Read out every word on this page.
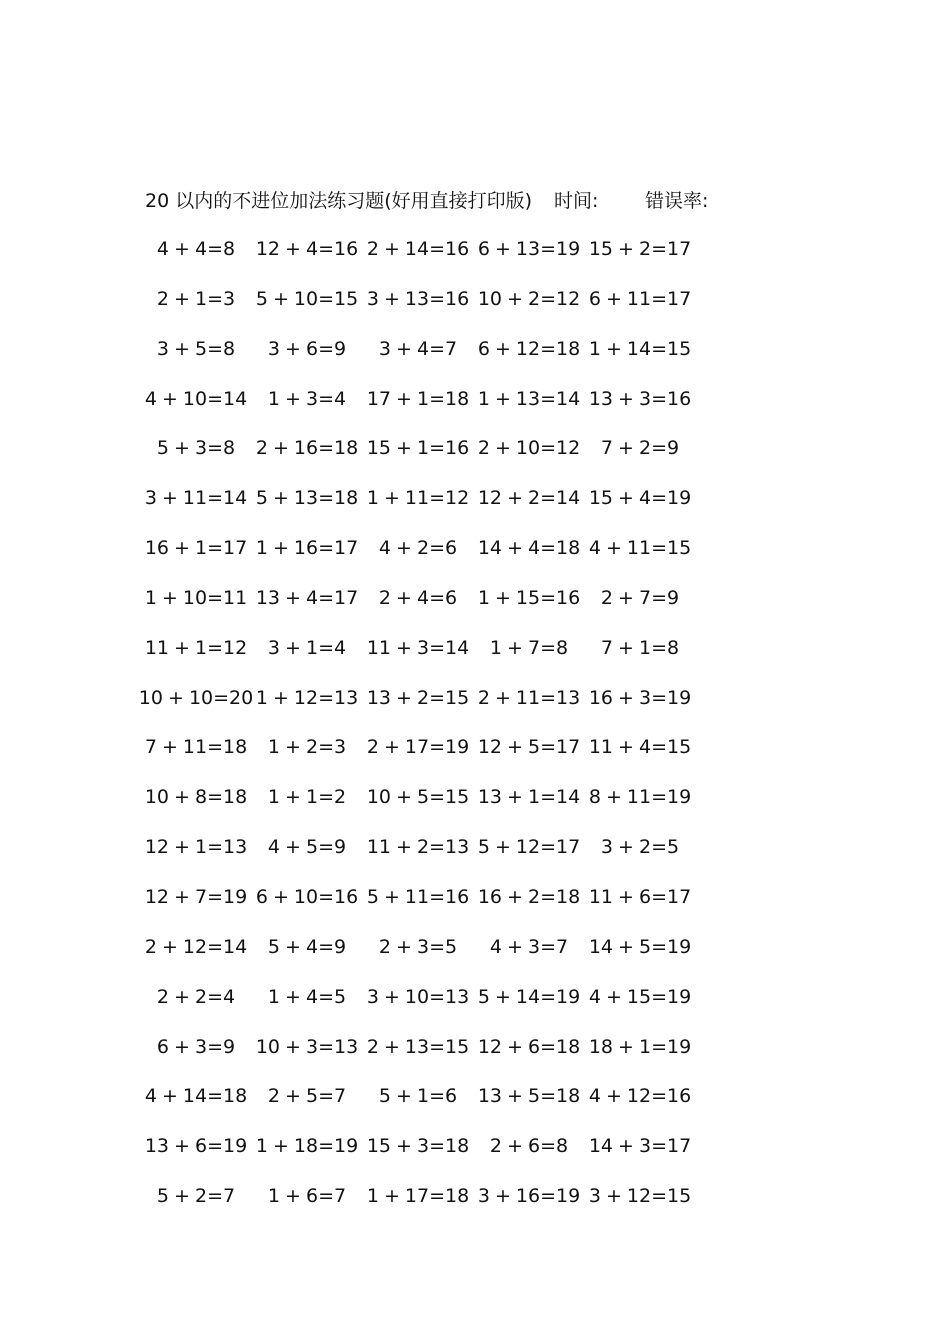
20 以内的不进位加法练习题(好用直接打印版) 时间: 错误率:
4 + 4=8	12 + 4=16 2 + 14=16 6 + 13=19 15 + 2=17
2 + 1=3	5 + 10=15 3 + 13=16 10 + 2=12 6 + 11=17
3 + 5=8	3 + 6=9	3 + 4=7	6 + 12=18 1 + 14=15
4 + 10=14	1 + 3=4	17 + 1=18 1 + 13=14 13 + 3=16
5 + 3=8	2 + 16=18 15 + 1=16 2 + 10=12	7 + 2=9
3 + 11=14 5 + 13=18 1 + 11=12 12 + 2=14 15 + 4=19
16 + 1=17 1 + 16=17	4 + 2=6	14 + 4=18 4 + 11=15
1 + 10=11 13 + 4=17	2 + 4=6	1 + 15=16	2 + 7=9
11 + 1=12	3 + 1=4	11 + 3=14	1 + 7=8	7 + 1=8
10 + 10=20 1 + 12=13 13 + 2=15 2 + 11=13 16 + 3=19
7 + 11=18	1 + 2=3	2 + 17=19 12 + 5=17 11 + 4=15
10 + 8=18	1 + 1=2	10 + 5=15 13 + 1=14 8 + 11=19
12 + 1=13	4 + 5=9	11 + 2=13 5 + 12=17	3 + 2=5
12 + 7=19 6 + 10=16 5 + 11=16 16 + 2=18 11 + 6=17
2 + 12=14	5 + 4=9	2 + 3=5	4 + 3=7	14 + 5=19
2 + 2=4	1 + 4=5	3 + 10=13 5 + 14=19 4 + 15=19
6 + 3=9	10 + 3=13 2 + 13=15 12 + 6=18 18 + 1=19
4 + 14=18	2 + 5=7	5 + 1=6	13 + 5=18 4 + 12=16
13 + 6=19 1 + 18=19 15 + 3=18	2 + 6=8	14 + 3=17
5 + 2=7	1 + 6=7	1 + 17=18 3 + 16=19 3 + 12=15
